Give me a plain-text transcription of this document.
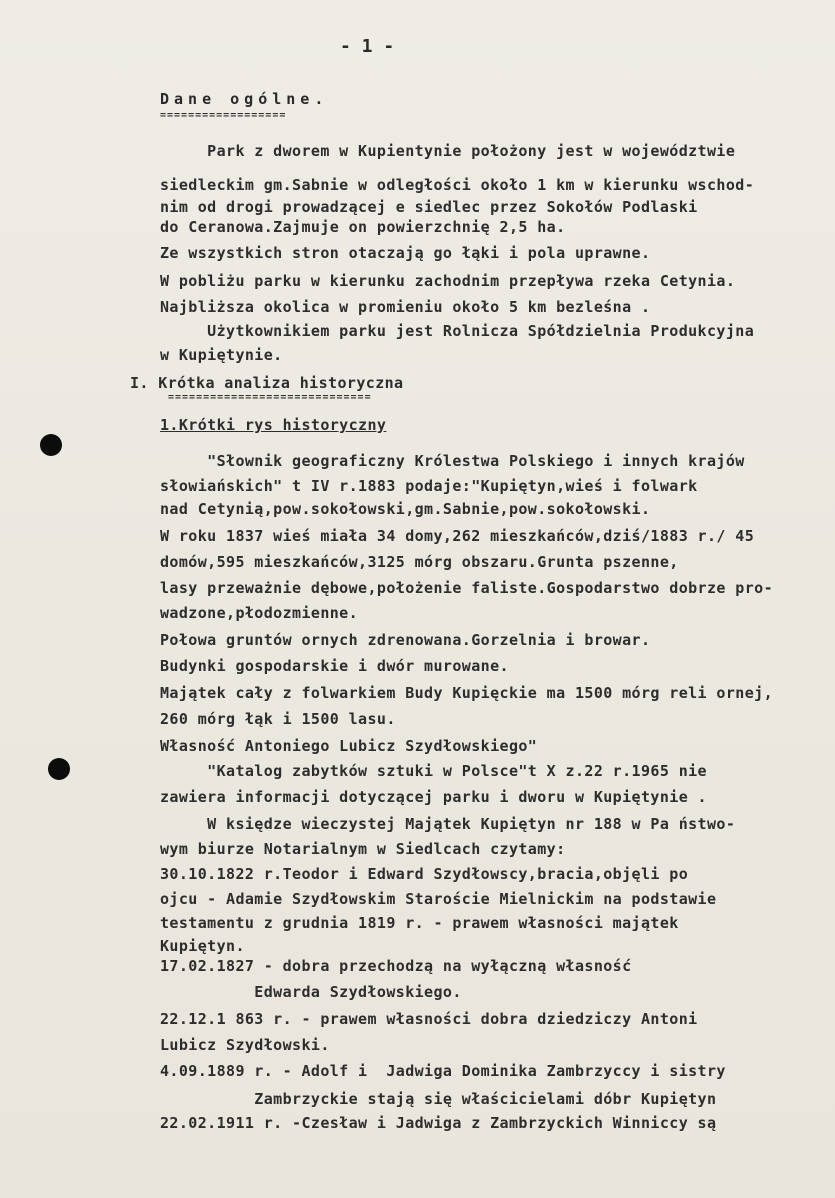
- 1 -
Dane ogólne.
==================
Park z dworem w Kupientynie położony jest w województwie
siedleckim gm.Sabnie w odległości około 1 km w kierunku wschod-
nim od drogi prowadzącej e siedlec przez Sokołów Podlaski
do Ceranowa.Zajmuje on powierzchnię 2,5 ha.
Ze wszystkich stron otaczają go łąki i pola uprawne.
W pobliżu parku w kierunku zachodnim przepływa rzeka Cetynia.
Najbliższa okolica w promieniu około 5 km bezleśna .
Użytkownikiem parku jest Rolnicza Spółdzielnia Produkcyjna
w Kupiętynie.
I. Krótka analiza historyczna
=============================
1.Krótki rys historyczny
"Słownik geograficzny Królestwa Polskiego i innych krajów
słowiańskich" t IV r.1883 podaje:"Kupiętyn,wieś i folwark
nad Cetynią,pow.sokołowski,gm.Sabnie,pow.sokołowski.
W roku 1837 wieś miała 34 domy,262 mieszkańców,dziś/1883 r./ 45
domów,595 mieszkańców,3125 mórg obszaru.Grunta pszenne,
lasy przeważnie dębowe,położenie faliste.Gospodarstwo dobrze pro-
wadzone,płodozmienne.
Połowa gruntów ornych zdrenowana.Gorzelnia i browar.
Budynki gospodarskie i dwór murowane.
Majątek cały z folwarkiem Budy Kupięckie ma 1500 mórg reli ornej,
260 mórg łąk i 1500 lasu.
Własność Antoniego Lubicz Szydłowskiego"
"Katalog zabytków sztuki w Polsce"t X z.22 r.1965 nie
zawiera informacji dotyczącej parku i dworu w Kupiętynie .
W księdze wieczystej Majątek Kupiętyn nr 188 w Pa ństwo-
wym biurze Notarialnym w Siedlcach czytamy:
30.10.1822 r.Teodor i Edward Szydłowscy,bracia,objęli po
ojcu - Adamie Szydłowskim Staroście Mielnickim na podstawie
testamentu z grudnia 1819 r. - prawem własności majątek
Kupiętyn.
17.02.1827 - dobra przechodzą na wyłączną własność
Edwarda Szydłowskiego.
22.12.1 863 r. - prawem własności dobra dziedziczy Antoni
Lubicz Szydłowski.
4.09.1889 r. - Adolf i  Jadwiga Dominika Zambrzyccy i sistry
Zambrzyckie stają się właścicielami dóbr Kupiętyn
22.02.1911 r. -Czesław i Jadwiga z Zambrzyckich Winniccy są
